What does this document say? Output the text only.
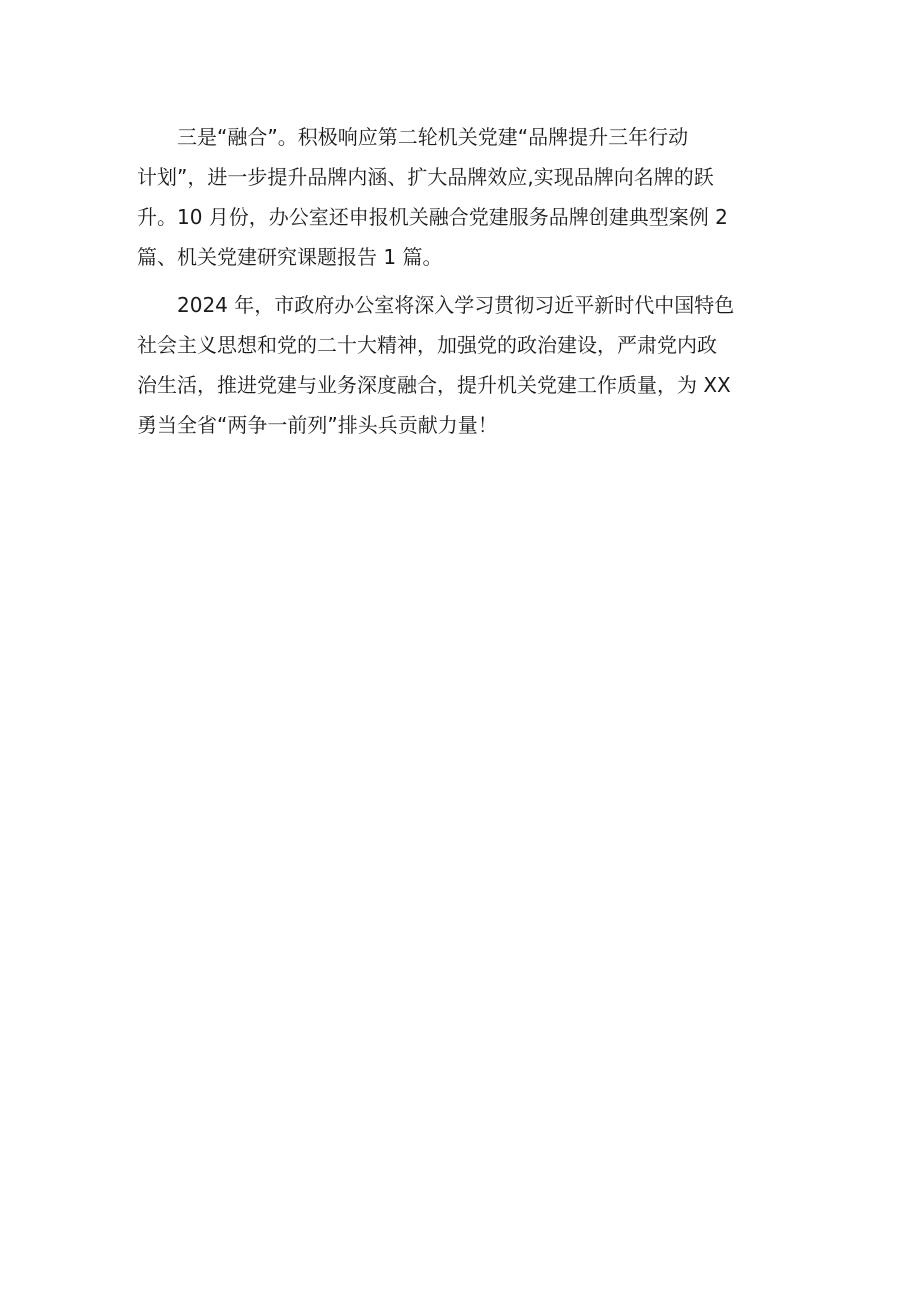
三是“融合”。积极响应第二轮机关党建“品牌提升三年行动
计划”，进一步提升品牌内涵、扩大品牌效应,实现品牌向名牌的跃
升。10 月份，办公室还申报机关融合党建服务品牌创建典型案例 2
篇、机关党建研究课题报告 1 篇。
2024 年，市政府办公室将深入学习贯彻习近平新时代中国特色
社会主义思想和党的二十大精神，加强党的政治建设，严肃党内政
治生活，推进党建与业务深度融合，提升机关党建工作质量，为 XX
勇当全省“两争一前列”排头兵贡献力量！
